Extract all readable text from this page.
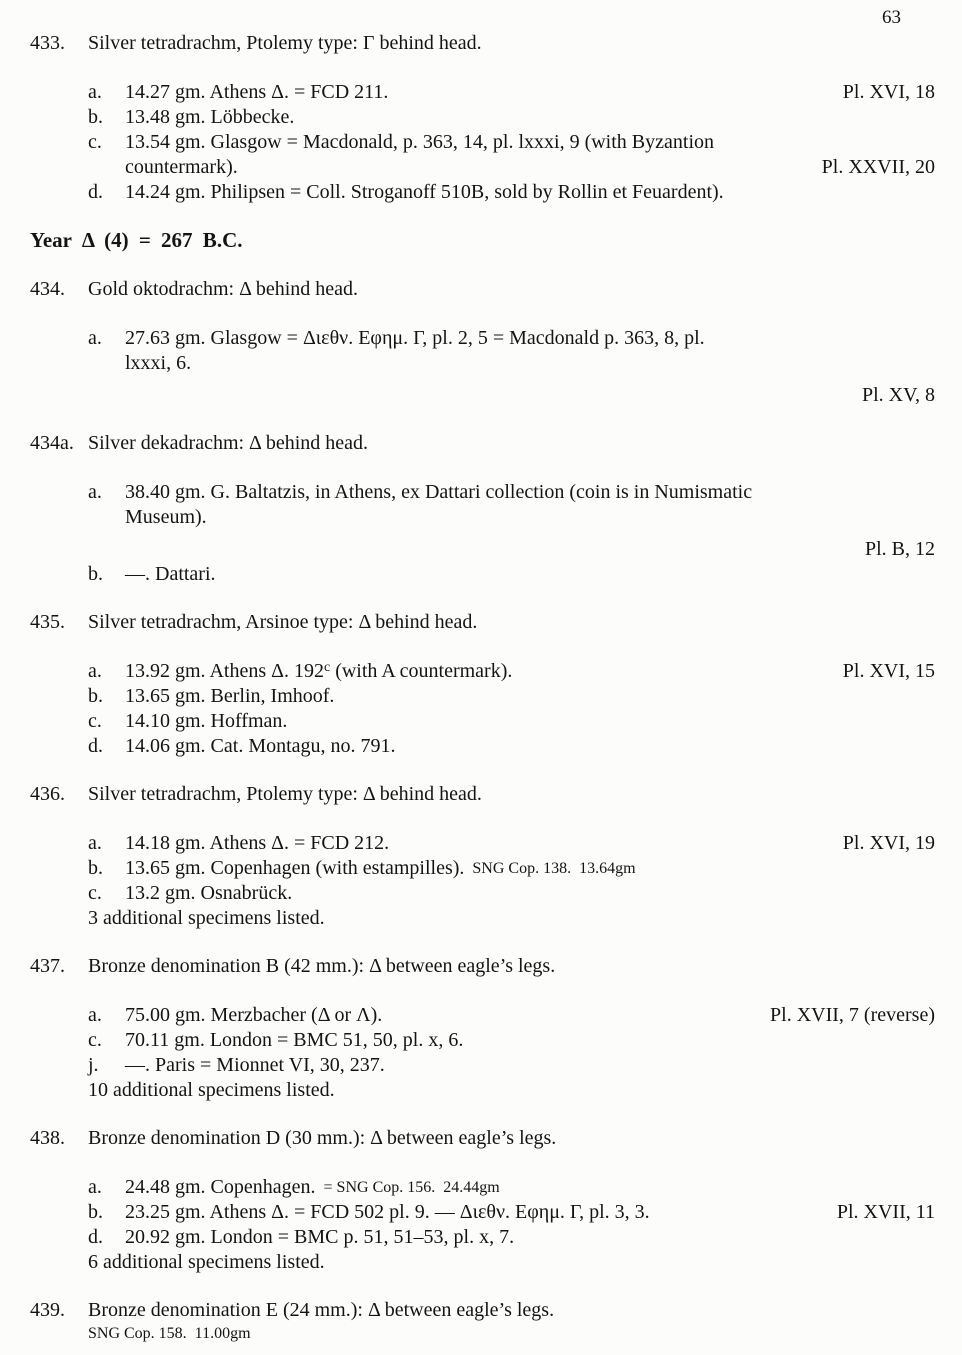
63
433.	Silver tetradrachm, Ptolemy type: Γ behind head.
a.	14.27 gm. Athens Δ. = FCD 211.	Pl. XVI, 18
b.	13.48 gm. Löbbecke.
c.	13.54 gm. Glasgow = Macdonald, p. 363, 14, pl. lxxxi, 9 (with Byzantion
countermark).	Pl. XXVII, 20
d.	14.24 gm. Philipsen = Coll. Stroganoff 510B, sold by Rollin et Feuardent).
Year Δ (4) = 267 B.C.
434.	Gold oktodrachm: Δ behind head.
a.	27.63 gm. Glasgow = Διεθν. Εφημ. Γ, pl. 2, 5 = Macdonald p. 363, 8, pl.
lxxxi, 6.
Pl. XV, 8
434a. Silver dekadrachm: Δ behind head.
a.	38.40 gm. G. Baltatzis, in Athens, ex Dattari collection (coin is in Numismatic
Museum).
Pl. B, 12
b.	—. Dattari.
435.	Silver tetradrachm, Arsinoe type: Δ behind head.
a.	13.92 gm. Athens Δ. 192$^c$ (with A countermark).	Pl. XVI, 15
b.	13.65 gm. Berlin, Imhoof.
c.	14.10 gm. Hoffman.
d.	14.06 gm. Cat. Montagu, no. 791.
436.	Silver tetradrachm, Ptolemy type: Δ behind head.
a.	14.18 gm. Athens Δ. = FCD 212.	Pl. XVI, 19
b.	13.65 gm. Copenhagen (with estampilles). SNG Cop. 138.  13.64gm
c.	13.2 gm. Osnabrück.
3 additional specimens listed.
437.	Bronze denomination B (42 mm.): Δ between eagle’s legs.
a.	75.00 gm. Merzbacher (Δ or Λ).	Pl. XVII, 7 (reverse)
c.	70.11 gm. London = BMC 51, 50, pl. x, 6.
j.	—. Paris = Mionnet VI, 30, 237.
10 additional specimens listed.
438.	Bronze denomination D (30 mm.): Δ between eagle’s legs.
a.	24.48 gm. Copenhagen. = SNG Cop. 156.  24.44gm
b.	23.25 gm. Athens Δ. = FCD 502 pl. 9. — Διεθν. Εφημ. Γ, pl. 3, 3.	Pl. XVII, 11
d.	20.92 gm. London = BMC p. 51, 51–53, pl. x, 7.
6 additional specimens listed.
439.	Bronze denomination E (24 mm.): Δ between eagle’s legs.
SNG Cop. 158.  11.00gm
